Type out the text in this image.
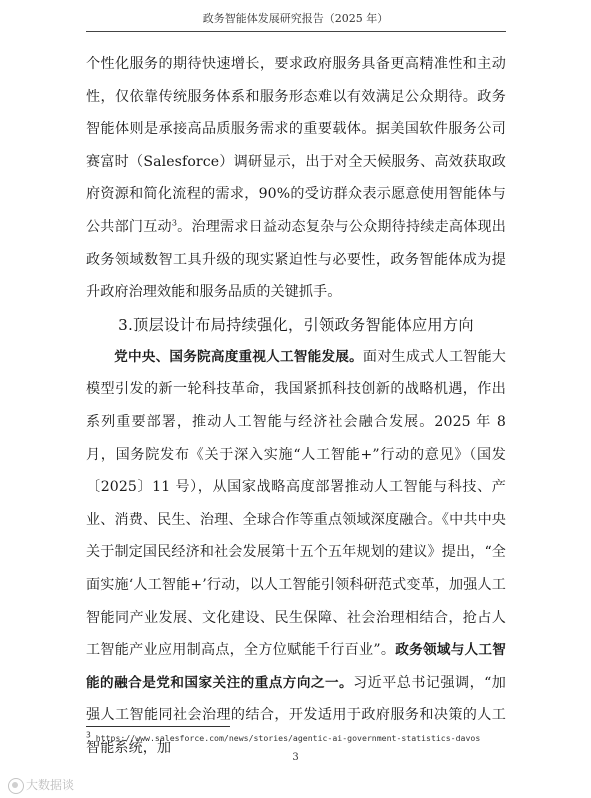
政务智能体发展研究报告（2025 年）

个性化服务的期待快速增长，要求政府服务具备更高精准性和主动性，仅依靠传统服务体系和服务形态难以有效满足公众期待。政务智能体则是承接高品质服务需求的重要载体。据美国软件服务公司赛富时（Salesforce）调研显示，出于对全天候服务、高效获取政府资源和简化流程的需求，90%的受访群众表示愿意使用智能体与公共部门互动$^3$。治理需求日益动态复杂与公众期待持续走高体现出政务领域数智工具升级的现实紧迫性与必要性，政务智能体成为提升政府治理效能和服务品质的关键抓手。

3.顶层设计布局持续强化，引领政务智能体应用方向

党中央、国务院高度重视人工智能发展。面对生成式人工智能大模型引发的新一轮科技革命，我国紧抓科技创新的战略机遇，作出系列重要部署，推动人工智能与经济社会融合发展。2025 年 8 月，国务院发布《关于深入实施“人工智能+”行动的意见》（国发〔2025〕11 号），从国家战略高度部署推动人工智能与科技、产业、消费、民生、治理、全球合作等重点领域深度融合。《中共中央关于制定国民经济和社会发展第十五个五年规划的建议》提出，“全面实施‘人工智能+’行动，以人工智能引领科研范式变革，加强人工智能同产业发展、文化建设、民生保障、社会治理相结合，抢占人工智能产业应用制高点，全方位赋能千行百业”。政务领域与人工智能的融合是党和国家关注的重点方向之一。习近平总书记强调，“加强人工智能同社会治理的结合，开发适用于政府服务和决策的人工智能系统，加

$^3$ https://www.salesforce.com/news/stories/agentic-ai-government-statistics-davos
3
大数据谈
